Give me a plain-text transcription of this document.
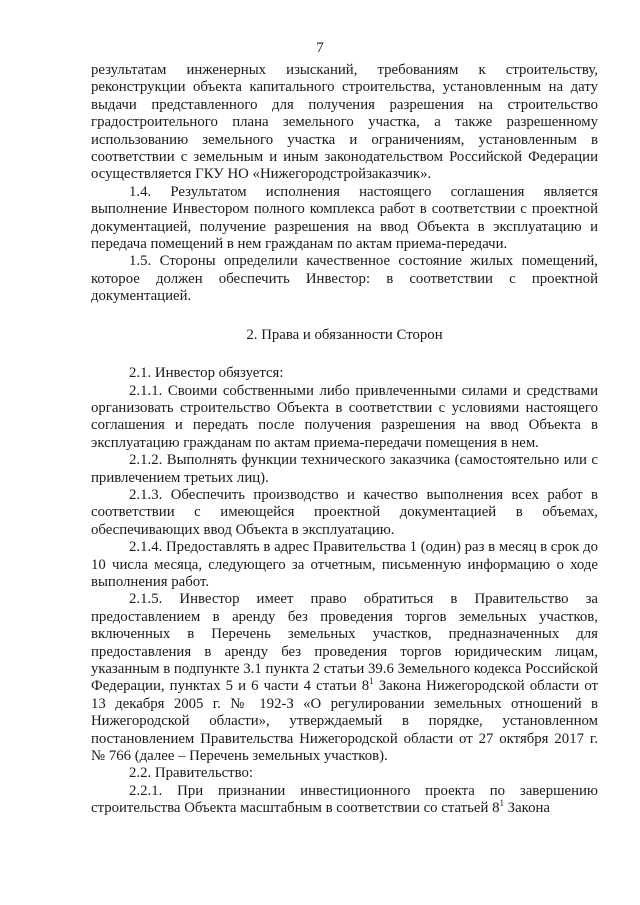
7

результатам инженерных изысканий, требованиям к строительству, реконструкции объекта капитального строительства, установленным на дату выдачи представленного для получения разрешения на строительство градостроительного плана земельного участка, а также разрешенному использованию земельного участка и ограничениям, установленным в соответствии с земельным и иным законодательством Российской Федерации осуществляется ГКУ НО «Нижегородстройзаказчик».

1.4. Результатом исполнения настоящего соглашения является выполнение Инвестором полного комплекса работ в соответствии с проектной документацией, получение разрешения на ввод Объекта в эксплуатацию и передача помещений в нем гражданам по актам приема-передачи.

1.5. Стороны определили качественное состояние жилых помещений, которое должен обеспечить Инвестор: в соответствии с проектной документацией.

2. Права и обязанности Сторон

2.1. Инвестор обязуется:

2.1.1. Своими собственными либо привлеченными силами и средствами организовать строительство Объекта в соответствии с условиями настоящего соглашения и передать после получения разрешения на ввод Объекта в эксплуатацию гражданам по актам приема-передачи помещения в нем.

2.1.2. Выполнять функции технического заказчика (самостоятельно или с привлечением третьих лиц).

2.1.3. Обеспечить производство и качество выполнения всех работ в соответствии с имеющейся проектной документацией в объемах, обеспечивающих ввод Объекта в эксплуатацию.

2.1.4. Предоставлять в адрес Правительства 1 (один) раз в месяц в срок до 10 числа месяца, следующего за отчетным, письменную информацию о ходе выполнения работ.

2.1.5. Инвестор имеет право обратиться в Правительство за предоставлением в аренду без проведения торгов земельных участков, включенных в Перечень земельных участков, предназначенных для предоставления в аренду без проведения торгов юридическим лицам, указанным в подпункте 3.1 пункта 2 статьи 39.6 Земельного кодекса Российской Федерации, пунктах 5 и 6 части 4 статьи $8^1$ Закона Нижегородской области от 13 декабря 2005 г. № 192-З «О регулировании земельных отношений в Нижегородской области», утверждаемый в порядке, установленном постановлением Правительства Нижегородской области от 27 октября 2017 г. № 766 (далее – Перечень земельных участков).

2.2. Правительство:

2.2.1. При признании инвестиционного проекта по завершению строительства Объекта масштабным в соответствии со статьей $8^1$ Закона
